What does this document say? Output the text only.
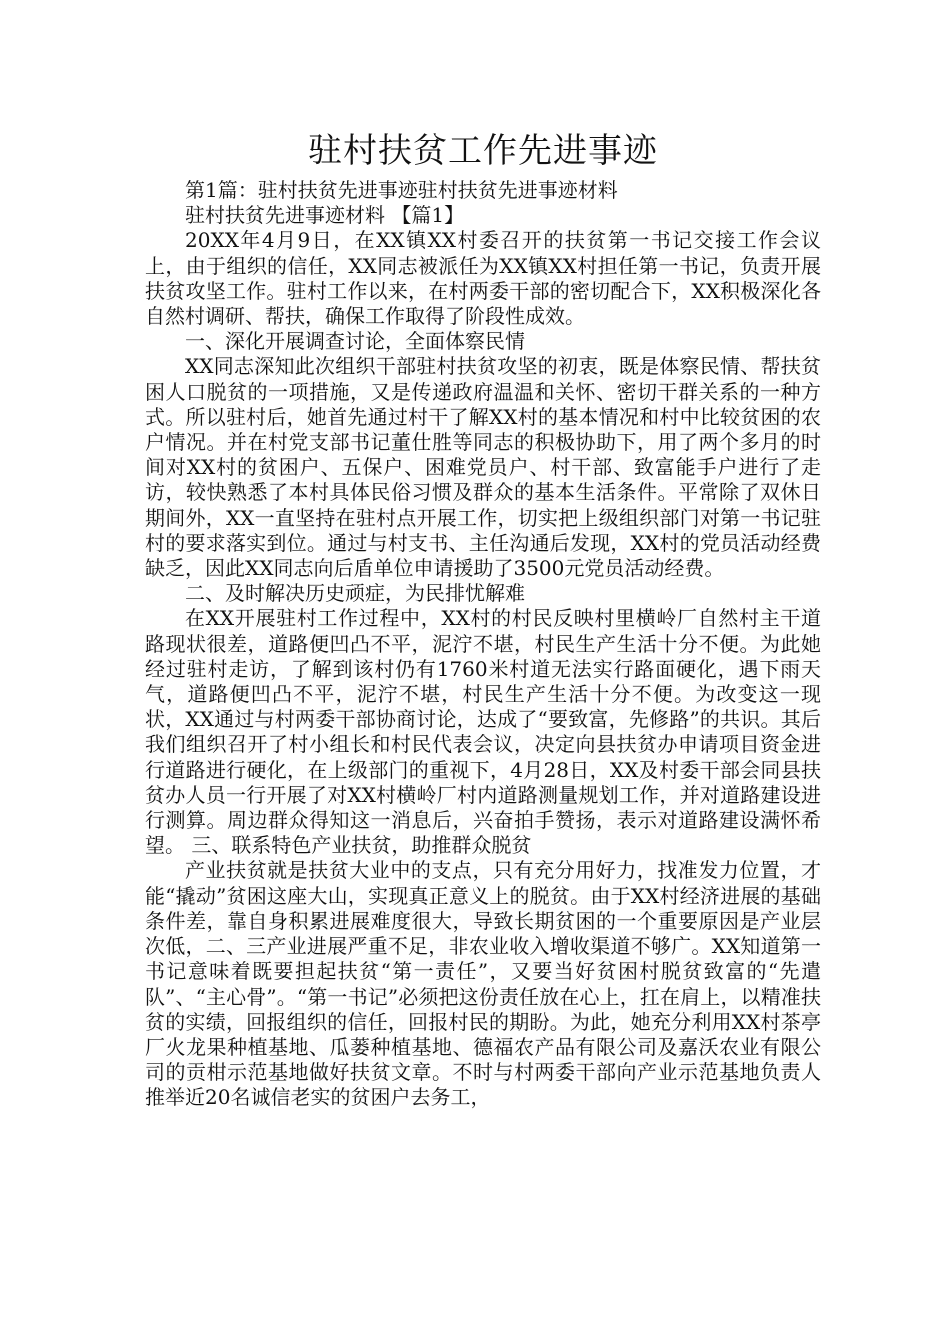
驻村扶贫工作先进事迹

第1篇：驻村扶贫先进事迹驻村扶贫先进事迹材料

驻村扶贫先进事迹材料 【篇1】

20XX年4月9日，在XX镇XX村委召开的扶贫第一书记交接工作会议上，由于组织的信任，XX同志被派任为XX镇XX村担任第一书记，负责开展扶贫攻坚工作。驻村工作以来，在村两委干部的密切配合下，XX积极深化各自然村调研、帮扶，确保工作取得了阶段性成效。

一、深化开展调查讨论，全面体察民情

XX同志深知此次组织干部驻村扶贫攻坚的初衷，既是体察民情、帮扶贫困人口脱贫的一项措施，又是传递政府温温和关怀、密切干群关系的一种方式。所以驻村后，她首先通过村干了解XX村的基本情况和村中比较贫困的农户情况。并在村党支部书记董仕胜等同志的积极协助下，用了两个多月的时间对XX村的贫困户、五保户、困难党员户、村干部、致富能手户进行了走访，较快熟悉了本村具体民俗习惯及群众的基本生活条件。平常除了双休日期间外，XX一直坚持在驻村点开展工作，切实把上级组织部门对第一书记驻村的要求落实到位。通过与村支书、主任沟通后发现，XX村的党员活动经费缺乏，因此XX同志向后盾单位申请援助了3500元党员活动经费。

二、及时解决历史顽症，为民排忧解难

在XX开展驻村工作过程中，XX村的村民反映村里横岭厂自然村主干道路现状很差，道路便凹凸不平，泥泞不堪，村民生产生活十分不便。为此她经过驻村走访，了解到该村仍有1760米村道无法实行路面硬化，遇下雨天气，道路便凹凸不平，泥泞不堪，村民生产生活十分不便。为改变这一现状，XX通过与村两委干部协商讨论，达成了“要致富，先修路”的共识。其后我们组织召开了村小组长和村民代表会议，决定向县扶贫办申请项目资金进行道路进行硬化，在上级部门的重视下，4月28日，XX及村委干部会同县扶贫办人员一行开展了对XX村横岭厂村内道路测量规划工作，并对道路建设进行测算。周边群众得知这一消息后，兴奋拍手赞扬，表示对道路建设满怀希望。 三、联系特色产业扶贫，助推群众脱贫

产业扶贫就是扶贫大业中的支点，只有充分用好力，找准发力位置，才能“撬动”贫困这座大山，实现真正意义上的脱贫。由于XX村经济进展的基础条件差，靠自身积累进展难度很大，导致长期贫困的一个重要原因是产业层次低，二、三产业进展严重不足，非农业收入增收渠道不够广。XX知道第一书记意味着既要担起扶贫“第一责任”，又要当好贫困村脱贫致富的“先遣队”、“主心骨”。“第一书记”必须把这份责任放在心上，扛在肩上，以精准扶贫的实绩，回报组织的信任，回报村民的期盼。为此，她充分利用XX村茶亭厂火龙果种植基地、瓜蒌种植基地、德福农产品有限公司及嘉沃农业有限公司的贡柑示范基地做好扶贫文章。不时与村两委干部向产业示范基地负责人推举近20名诚信老实的贫困户去务工，
